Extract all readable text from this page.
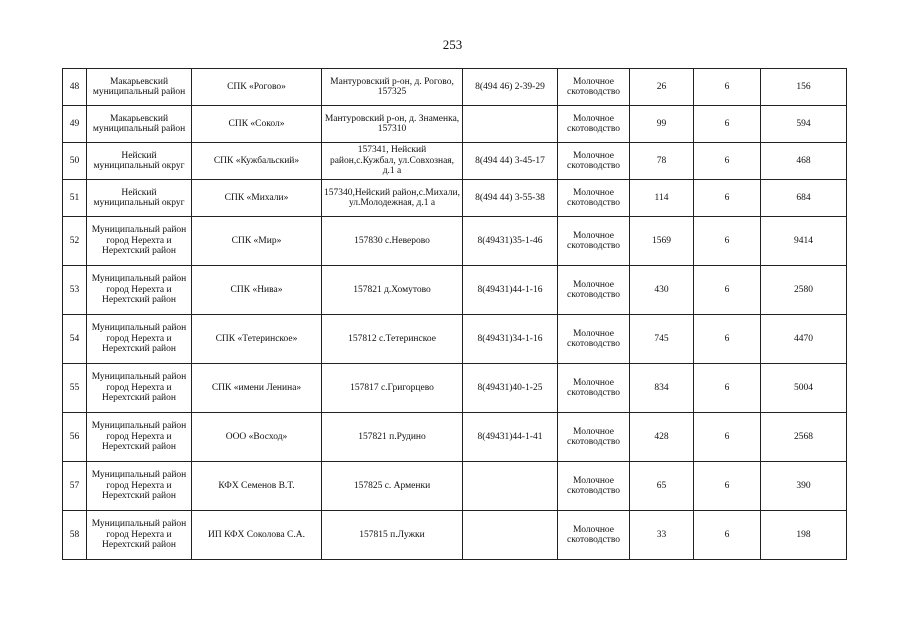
253
48	Макарьевский муниципальный район	СПК «Рогово»	Мантуровский р-он, д. Рогово, 157325	8(494 46) 2-39-29	Молочное скотоводство	26	6	156
49	Макарьевский муниципальный район	СПК «Сокол»	Мантуровский р-он, д. Знаменка, 157310		Молочное скотоводство	99	6	594
50	Нейский муниципальный округ	СПК «Кужбальский»	157341, Нейский район,с.Кужбал, ул.Совхозная, д.1 а	8(494 44) 3-45-17	Молочное скотоводство	78	6	468
51	Нейский муниципальный округ	СПК «Михали»	157340,Нейский район,с.Михали, ул.Молодежная, д.1 а	8(494 44) 3-55-38	Молочное скотоводство	114	6	684
52	Муниципальный район город Нерехта и Нерехтский район	СПК «Мир»	157830 с.Неверово	8(49431)35-1-46	Молочное скотоводство	1569	6	9414
53	Муниципальный район город Нерехта и Нерехтский район	СПК «Нива»	157821 д.Хомутово	8(49431)44-1-16	Молочное скотоводство	430	6	2580
54	Муниципальный район город Нерехта и Нерехтский район	СПК «Тетеринское»	157812 с.Тетеринское	8(49431)34-1-16	Молочное скотоводство	745	6	4470
55	Муниципальный район город Нерехта и Нерехтский район	СПК «имени Ленина»	157817 с.Григорцево	8(49431)40-1-25	Молочное скотоводство	834	6	5004
56	Муниципальный район город Нерехта и Нерехтский район	ООО «Восход»	157821 п.Рудино	8(49431)44-1-41	Молочное скотоводство	428	6	2568
57	Муниципальный район город Нерехта и Нерехтский район	КФХ Семенов В.Т.	157825 с. Арменки		Молочное скотоводство	65	6	390
58	Муниципальный район город Нерехта и Нерехтский район	ИП КФХ Соколова С.А.	157815 п.Лужки		Молочное скотоводство	33	6	198
